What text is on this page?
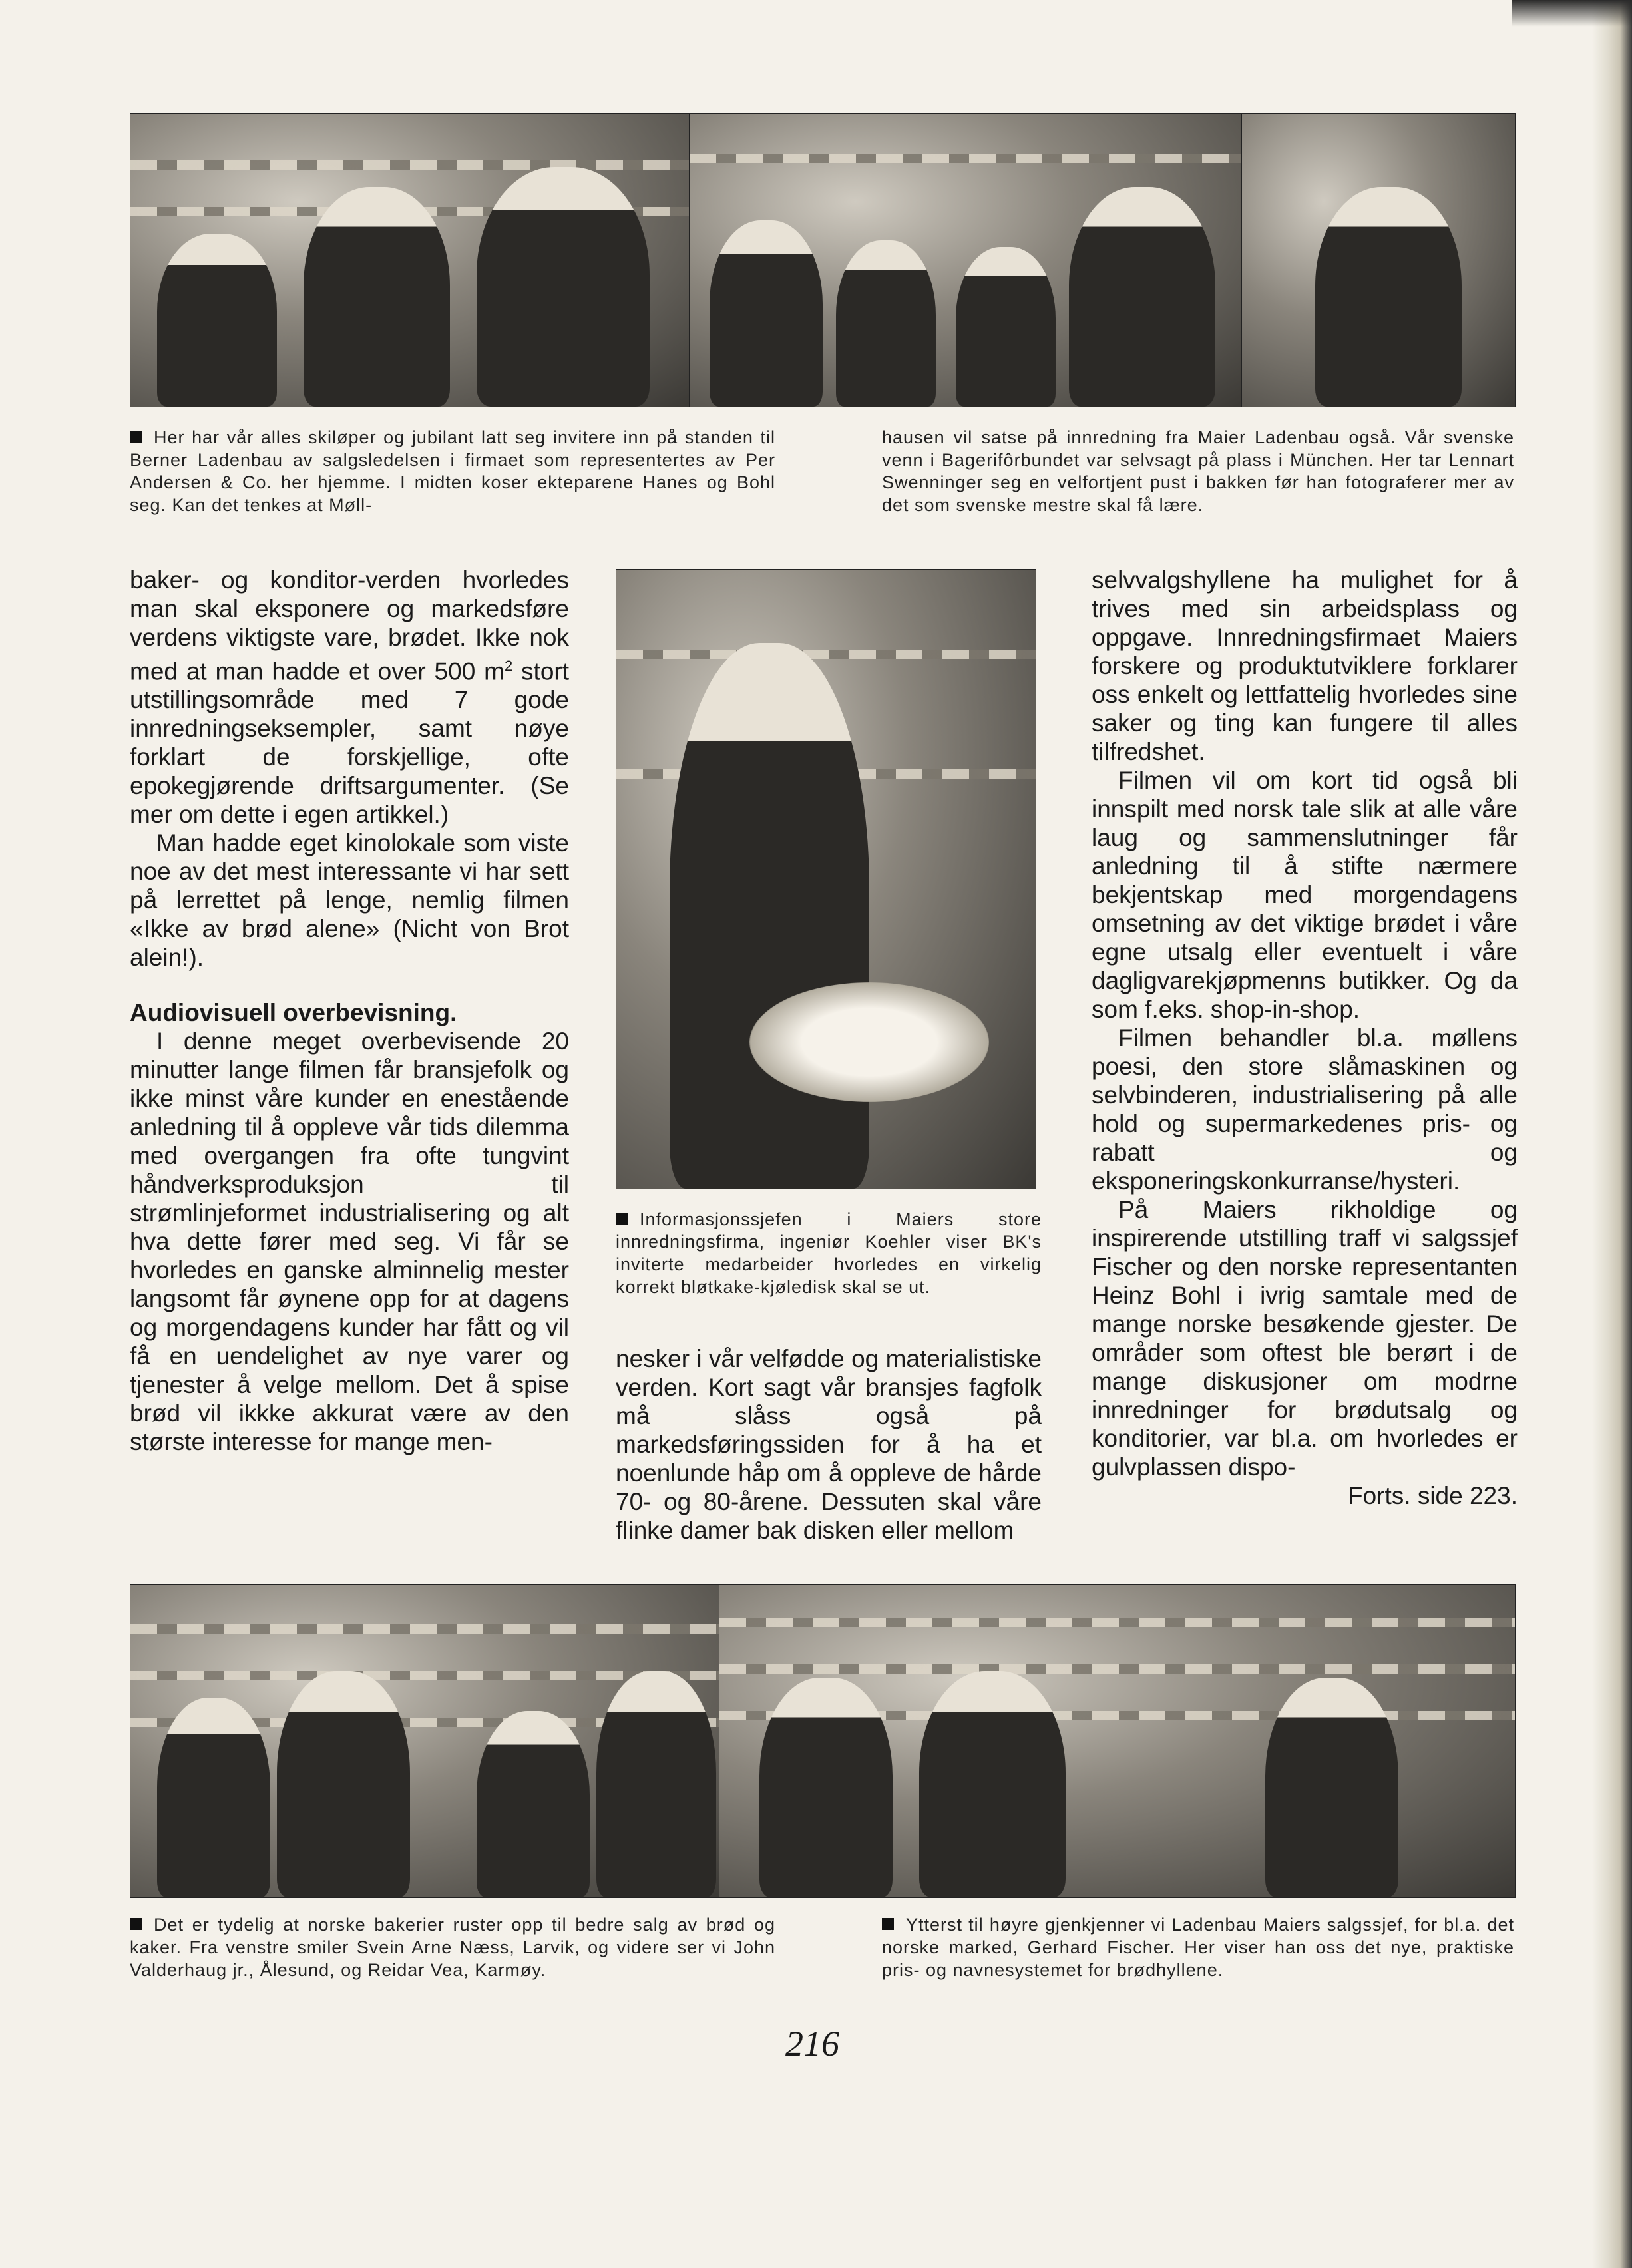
Her har vår alles skiløper og jubilant latt seg invitere inn på standen til Berner Ladenbau av salgsledelsen i firmaet som representertes av Per Andersen & Co. her hjemme. I midten koser ekteparene Hanes og Bohl seg. Kan det tenkes at Møll-
hausen vil satse på innredning fra Maier Ladenbau også. Vår svenske venn i Bagerifôrbundet var selvsagt på plass i München. Her tar Lennart Swenninger seg en velfortjent pust i bakken før han fotograferer mer av det som svenske mestre skal få lære.

baker- og konditor-verden hvorledes man skal eksponere og markedsføre verdens viktigste vare, brødet. Ikke nok med at man hadde et over 500 $m^2$ stort utstillingsområde med 7 gode innredningseksempler, samt nøye forklart de forskjellige, ofte epokegjørende driftsargumenter. (Se mer om dette i egen artikkel.)

Man hadde eget kinolokale som viste noe av det mest interessante vi har sett på lerrettet på lenge, nemlig filmen «Ikke av brød alene» (Nicht von Brot alein!).

Audiovisuell overbevisning.

I denne meget overbevisende 20 minutter lange filmen får bransjefolk og ikke minst våre kunder en enestående anledning til å oppleve vår tids dilemma med overgangen fra ofte tungvint håndverksproduksjon til strømlinjeformet industrialisering og alt hva dette fører med seg. Vi får se hvorledes en ganske alminnelig mester langsomt får øynene opp for at dagens og morgendagens kunder har fått og vil få en uendelighet av nye varer og tjenester å velge mellom. Det å spise brød vil ikkke akkurat være av den største interesse for mange men-

Informasjonssjefen i Maiers store innredningsfirma, ingeniør Koehler viser BK's inviterte medarbeider hvorledes en virkelig korrekt bløtkake-kjøledisk skal se ut.

nesker i vår velfødde og materialistiske verden. Kort sagt vår bransjes fagfolk må slåss også på markedsføringssiden for å ha et noenlunde håp om å oppleve de hårde 70- og 80-årene. Dessuten skal våre flinke damer bak disken eller mellom

selvvalgshyllene ha mulighet for å trives med sin arbeidsplass og oppgave. Innredningsfirmaet Maiers forskere og produktutviklere forklarer oss enkelt og lettfattelig hvorledes sine saker og ting kan fungere til alles tilfredshet.

Filmen vil om kort tid også bli innspilt med norsk tale slik at alle våre laug og sammenslutninger får anledning til å stifte nærmere bekjentskap med morgendagens omsetning av det viktige brødet i våre egne utsalg eller eventuelt i våre dagligvarekjøpmenns butikker. Og da som f.eks. shop-in-shop.

Filmen behandler bl.a. møllens poesi, den store slåmaskinen og selvbinderen, industrialisering på alle hold og supermarkedenes pris- og rabatt og eksponeringskonkurranse/hysteri.

På Maiers rikholdige og inspirerende utstilling traff vi salgssjef Fischer og den norske representanten Heinz Bohl i ivrig samtale med de mange norske besøkende gjester. De områder som oftest ble berørt i de mange diskusjoner om modrne innredninger for brødutsalg og konditorier, var bl.a. om hvorledes er gulvplassen dispo-

Forts. side 223.

Det er tydelig at norske bakerier ruster opp til bedre salg av brød og kaker. Fra venstre smiler Svein Arne Næss, Larvik, og videre ser vi John Valderhaug jr., Ålesund, og Reidar Vea, Karmøy.
Ytterst til høyre gjenkjenner vi Ladenbau Maiers salgssjef, for bl.a. det norske marked, Gerhard Fischer. Her viser han oss det nye, praktiske pris- og navnesystemet for brødhyllene.
216
